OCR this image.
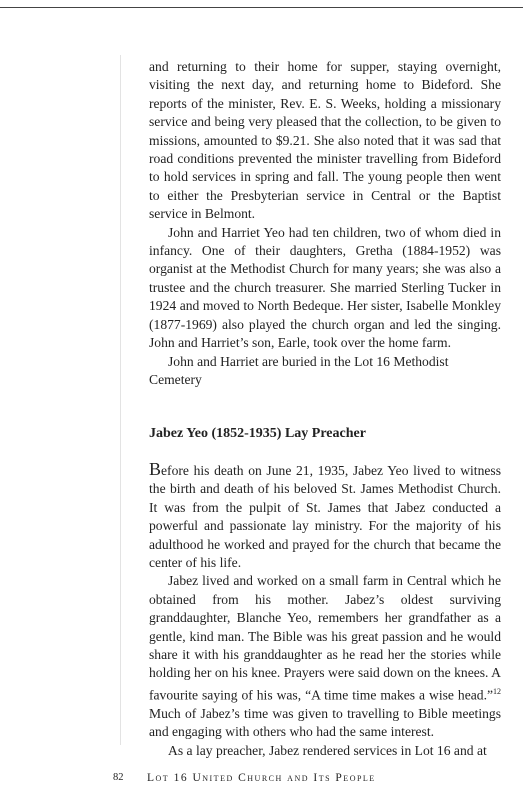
and returning to their home for supper, staying overnight, visiting the next day, and returning home to Bideford. She reports of the minister, Rev. E. S. Weeks, holding a missionary service and being very pleased that the collection, to be given to missions, amounted to $9.21. She also noted that it was sad that road conditions prevented the minister travelling from Bideford to hold services in spring and fall. The young people then went to either the Presbyterian service in Central or the Baptist service in Belmont.

John and Harriet Yeo had ten children, two of whom died in infancy. One of their daughters, Gretha (1884-1952) was organist at the Methodist Church for many years; she was also a trustee and the church treasurer. She married Sterling Tucker in 1924 and moved to North Bedeque. Her sister, Isabelle Monkley (1877-1969) also played the church organ and led the singing. John and Harriet’s son, Earle, took over the home farm.

John and Harriet are buried in the Lot 16 Methodist Cemetery

Jabez Yeo (1852-1935) Lay Preacher

Before his death on June 21, 1935, Jabez Yeo lived to witness the birth and death of his beloved St. James Methodist Church. It was from the pulpit of St. James that Jabez conducted a powerful and passionate lay ministry. For the majority of his adulthood he worked and prayed for the church that became the center of his life.

Jabez lived and worked on a small farm in Central which he obtained from his mother. Jabez’s oldest surviving granddaughter, Blanche Yeo, remembers her grandfather as a gentle, kind man. The Bible was his great passion and he would share it with his granddaughter as he read her the stories while holding her on his knee. Prayers were said down on the knees. A favourite saying of his was, “A time time makes a wise head.”$^{12}$ Much of Jabez’s time was given to travelling to Bible meetings and engaging with others who had the same interest.

As a lay preacher, Jabez rendered services in Lot 16 and at

82 Lot 16 United Church and Its People
